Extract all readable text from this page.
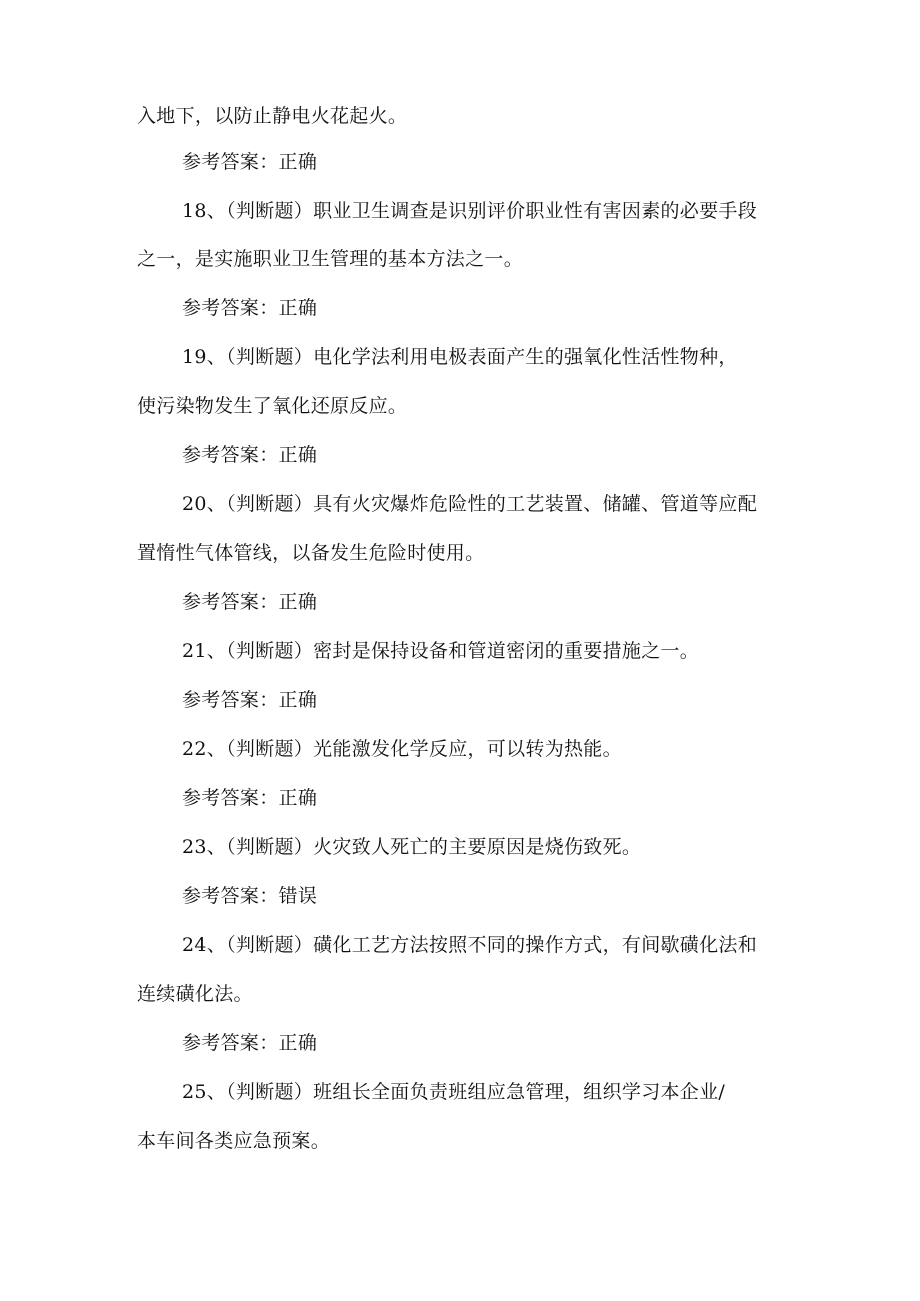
入地下，以防止静电火花起火。
参考答案：正确
18、（判断题）职业卫生调查是识别评价职业性有害因素的必要手段
之一，是实施职业卫生管理的基本方法之一。
参考答案：正确
19、（判断题）电化学法利用电极表面产生的强氧化性活性物种，
使污染物发生了氧化还原反应。
参考答案：正确
20、（判断题）具有火灾爆炸危险性的工艺装置、储罐、管道等应配
置惰性气体管线，以备发生危险时使用。
参考答案：正确
21、（判断题）密封是保持设备和管道密闭的重要措施之一。
参考答案：正确
22、（判断题）光能激发化学反应，可以转为热能。
参考答案：正确
23、（判断题）火灾致人死亡的主要原因是烧伤致死。
参考答案：错误
24、（判断题）磺化工艺方法按照不同的操作方式，有间歇磺化法和
连续磺化法。
参考答案：正确
25、（判断题）班组长全面负责班组应急管理，组织学习本企业/
本车间各类应急预案。
